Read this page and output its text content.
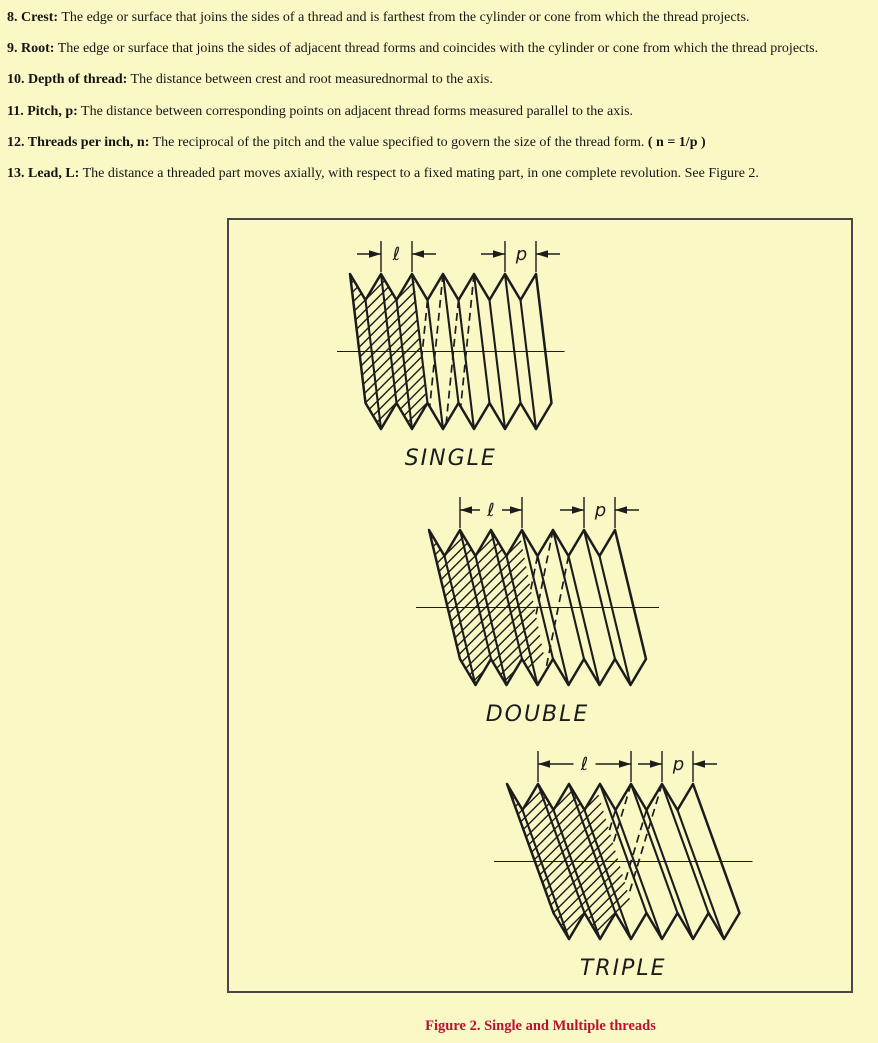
8. Crest: The edge or surface that joins the sides of a thread and is farthest from the cylinder or cone from which the thread projects.

9. Root: The edge or surface that joins the sides of adjacent thread forms and coincides with the cylinder or cone from which the thread projects.

10. Depth of thread: The distance between crest and root measurednormal to the axis.

11. Pitch, p: The distance between corresponding points on adjacent thread forms measured parallel to the axis.

12. Threads per inch, n: The reciprocal of the pitch and the value specified to govern the size of the thread form. ( n = 1/p )

13. Lead, L: The distance a threaded part moves axially, with respect to a fixed mating part, in one complete revolution. See Figure 2.

ℓ	p
SINGLE
ℓ	p
DOUBLE
ℓ	p
TRIPLE
Figure 2. Single and Multiple threads
